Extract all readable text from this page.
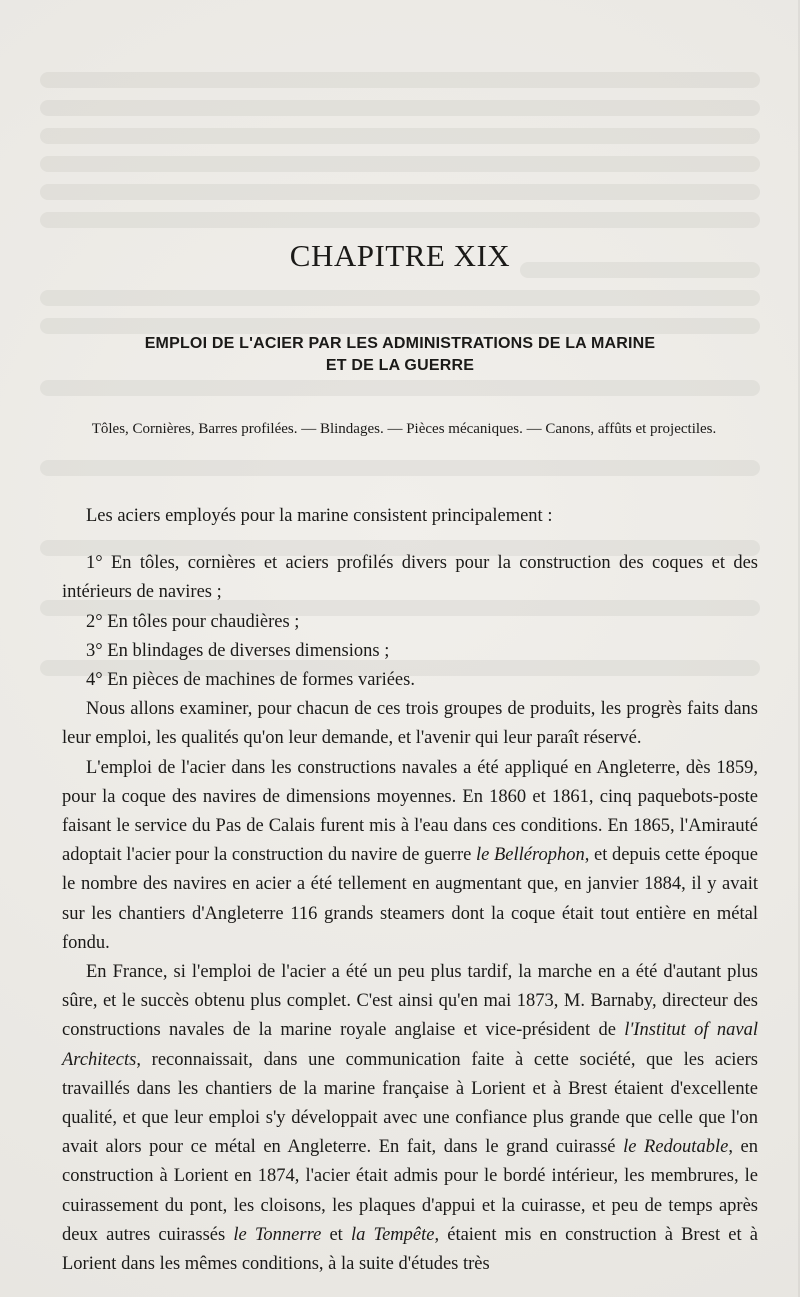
CHAPITRE XIX
EMPLOI DE L'ACIER PAR LES ADMINISTRATIONS DE LA MARINE
ET DE LA GUERRE
Tôles, Cornières, Barres profilées. — Blindages. — Pièces mécaniques. — Canons, affûts et projectiles.

Les aciers employés pour la marine consistent principalement :

1° En tôles, cornières et aciers profilés divers pour la construction des coques et des intérieurs de navires ;

2° En tôles pour chaudières ;

3° En blindages de diverses dimensions ;

4° En pièces de machines de formes variées.

Nous allons examiner, pour chacun de ces trois groupes de produits, les progrès faits dans leur emploi, les qualités qu'on leur demande, et l'avenir qui leur paraît réservé.

L'emploi de l'acier dans les constructions navales a été appliqué en Angleterre, dès 1859, pour la coque des navires de dimensions moyennes. En 1860 et 1861, cinq paquebots-poste faisant le service du Pas de Calais furent mis à l'eau dans ces conditions. En 1865, l'Amirauté adoptait l'acier pour la construction du navire de guerre le Bellérophon, et depuis cette époque le nombre des navires en acier a été tellement en augmentant que, en janvier 1884, il y avait sur les chantiers d'Angleterre 116 grands steamers dont la coque était tout entière en métal fondu.

En France, si l'emploi de l'acier a été un peu plus tardif, la marche en a été d'autant plus sûre, et le succès obtenu plus complet. C'est ainsi qu'en mai 1873, M. Barnaby, directeur des constructions navales de la marine royale anglaise et vice-président de l'Institut of naval Architects, reconnaissait, dans une communication faite à cette société, que les aciers travaillés dans les chantiers de la marine française à Lorient et à Brest étaient d'excellente qualité, et que leur emploi s'y développait avec une confiance plus grande que celle que l'on avait alors pour ce métal en Angleterre. En fait, dans le grand cuirassé le Redoutable, en construction à Lorient en 1874, l'acier était admis pour le bordé intérieur, les membrures, le cuirassement du pont, les cloisons, les plaques d'appui et la cuirasse, et peu de temps après deux autres cuirassés le Tonnerre et la Tempête, étaient mis en construction à Brest et à Lorient dans les mêmes conditions, à la suite d'études très
